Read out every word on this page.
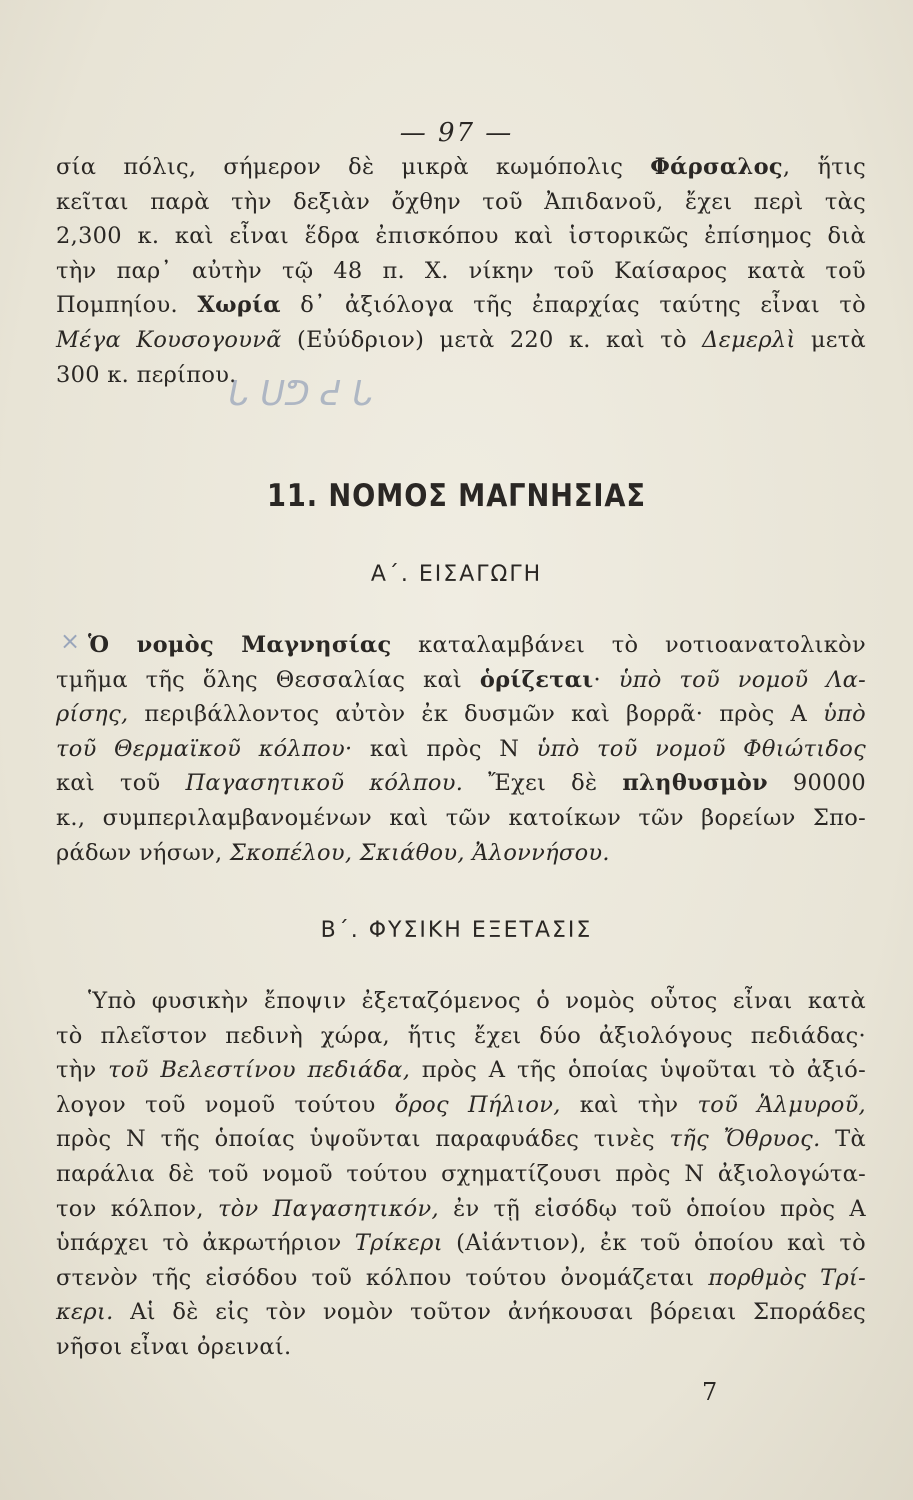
— 97 —
σία πόλις, σήμερον δὲ μικρὰ κωμόπολις Φάρσαλος, ἥτις
κεῖται παρὰ τὴν δεξιὰν ὄχθην τοῦ Ἀπιδανοῦ, ἔχει περὶ τὰς
2,300 κ. καὶ εἶναι ἕδρα ἐπισκόπου καὶ ἱστορικῶς ἐπίσημος διὰ
τὴν παρ᾽ αὐτὴν τῷ 48 π. Χ. νίκην τοῦ Καίσαρος κατὰ τοῦ
Πομπηίου. Χωρία δ᾽ ἀξιόλογα τῆς ἐπαρχίας ταύτης εἶναι τὸ
Μέγα Κουσογουνᾶ (Εὐύδριον) μετὰ 220 κ. καὶ τὸ Δεμερλὶ μετὰ
300 κ. περίπου.
ᒐ ᑌᕤ ᕍ ᒐ
11. ΝΟΜΟΣ ΜΑΓΝΗΣΙΑΣ
Α΄. ΕΙΣΑΓΩΓΗ
× Ὁ νομὸς Μαγνησίας καταλαμβάνει τὸ νοτιοανατολικὸν
τμῆμα τῆς ὅλης Θεσσαλίας καὶ ὁρίζεται· ὑπὸ τοῦ νομοῦ Λα-
ρίσης, περιβάλλοντος αὐτὸν ἐκ δυσμῶν καὶ βορρᾶ· πρὸς Α ὑπὸ
τοῦ Θερμαϊκοῦ κόλπου· καὶ πρὸς Ν ὑπὸ τοῦ νομοῦ Φθιώτιδος
καὶ τοῦ Παγασητικοῦ κόλπου. Ἔχει δὲ πληθυσμὸν 90000
κ., συμπεριλαμβανομένων καὶ τῶν κατοίκων τῶν βορείων Σπο-
ράδων νήσων, Σκοπέλου, Σκιάθου, Ἀλοννήσου.
Β΄. ΦΥΣΙΚΗ ΕΞΕΤΑΣΙΣ
Ὑπὸ φυσικὴν ἔποψιν ἐξεταζόμενος ὁ νομὸς οὗτος εἶναι κατὰ
τὸ πλεῖστον πεδινὴ χώρα, ἥτις ἔχει δύο ἀξιολόγους πεδιάδας·
τὴν τοῦ Βελεστίνου πεδιάδα, πρὸς Α τῆς ὁποίας ὑψοῦται τὸ ἀξιό-
λογον τοῦ νομοῦ τούτου ὄρος Πήλιον, καὶ τὴν τοῦ Ἁλμυροῦ,
πρὸς Ν τῆς ὁποίας ὑψοῦνται παραφυάδες τινὲς τῆς Ὄθρυος. Τὰ
παράλια δὲ τοῦ νομοῦ τούτου σχηματίζουσι πρὸς Ν ἀξιολογώτα-
τον κόλπον, τὸν Παγασητικόν, ἐν τῇ εἰσόδῳ τοῦ ὁποίου πρὸς Α
ὑπάρχει τὸ ἀκρωτήριον Τρίκερι (Αἰάντιον), ἐκ τοῦ ὁποίου καὶ τὸ
στενὸν τῆς εἰσόδου τοῦ κόλπου τούτου ὀνομάζεται πορθμὸς Τρί-
κερι. Αἱ δὲ εἰς τὸν νομὸν τοῦτον ἀνήκουσαι βόρειαι Σποράδες
νῆσοι εἶναι ὀρειναί.
7
